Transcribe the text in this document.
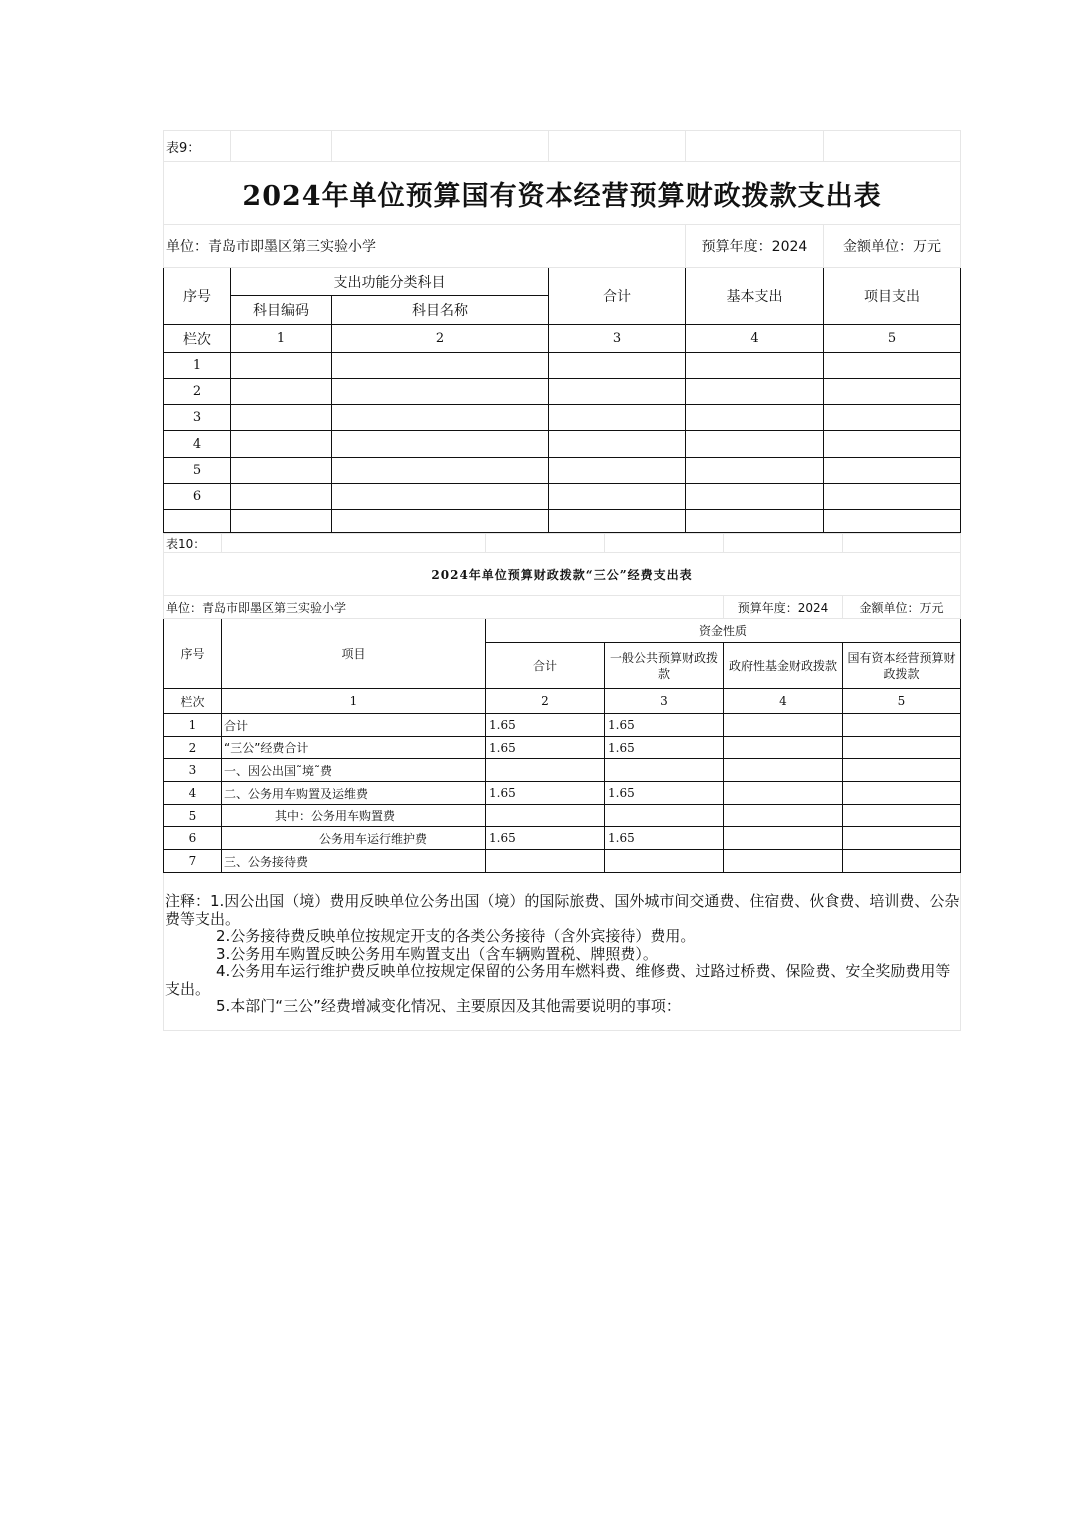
表9：					
2024年单位预算国有资本经营预算财政拨款支出表					
单位：青岛市即墨区第三实验小学				预算年度：2024	金额单位：万元
序号	支出功能分类科目		合计	基本支出	项目支出
	科目编码	科目名称			
栏次	1	2	3	4	5
1					
2					
3					
4					
5					
6					

表10：					
2024年单位预算财政拨款“三公”经费支出表					
单位：青岛市即墨区第三实验小学				预算年度：2024	金额单位：万元
序号	项目	资金性质			
		合计	一般公共预算财政拨款	政府性基金财政拨款	国有资本经营预算财政拨款
栏次	1	2	3	4	5
1	合计	1.65	1.65		
2	“三公”经费合计	1.65	1.65		
3	一、因公出国˜境˜费				
4	二、公务用车购置及运维费	1.65	1.65		
5	其中：公务用车购置费				
6	公务用车运行维护费	1.65	1.65		
7	三、公务接待费				

注释：1.因公出国（境）费用反映单位公务出国（境）的国际旅费、国外城市间交通费、住宿费、伙食费、培训费、公杂费等支出。

2.公务接待费反映单位按规定开支的各类公务接待（含外宾接待）费用。

3.公务用车购置反映公务用车购置支出（含车辆购置税、牌照费）。

4.公务用车运行维护费反映单位按规定保留的公务用车燃料费、维修费、过路过桥费、保险费、安全奖励费用等支出。

5.本部门“三公”经费增减变化情况、主要原因及其他需要说明的事项：
